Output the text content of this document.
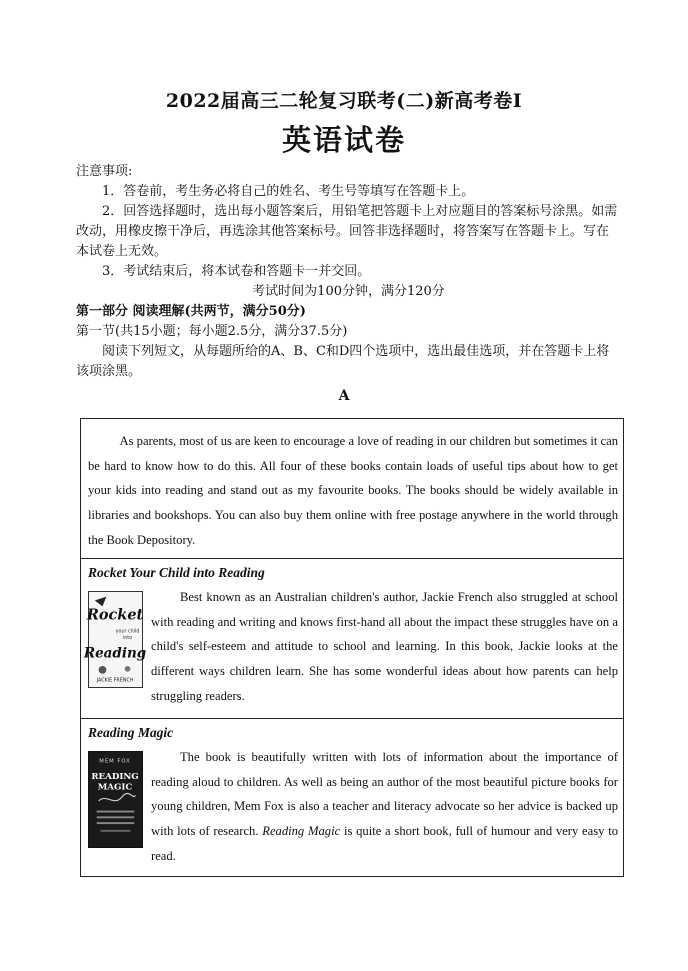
2022届高三二轮复习联考(二)新高考卷Ⅰ
英语试卷

注意事项:

1．答卷前，考生务必将自己的姓名、考生号等填写在答题卡上。

2．回答选择题时，选出每小题答案后，用铅笔把答题卡上对应题目的答案标号涂黑。如需改动，用橡皮擦干净后，再选涂其他答案标号。回答非选择题时，将答案写在答题卡上。写在本试卷上无效。

3．考试结束后，将本试卷和答题卡一并交回。

考试时间为100分钟，满分120分

第一部分 阅读理解(共两节，满分50分)

第一节(共15小题；每小题2.5分，满分37.5分)

阅读下列短文，从每题所给的A、B、C和D四个选项中，选出最佳选项，并在答题卡上将该项涂黑。

A

As parents, most of us are keen to encourage a love of reading in our children but sometimes it can be hard to know how to do this. All four of these books contain loads of useful tips about how to get your kids into reading and stand out as my favourite books. The books should be widely available in libraries and bookshops. You can also buy them online with free postage anywhere in the world through the Book Depository.

Rocket Your Child into Reading
Rocket
your child
into
Reading
JACKIE FRENCH

Best known as an Australian children's author, Jackie French also struggled at school with reading and writing and knows first-hand all about the impact these struggles have on a child's self-esteem and attitude to school and learning. In this book, Jackie looks at the different ways children learn. She has some wonderful ideas about how parents can help struggling readers.

Reading Magic
MEM FOX
READING
MAGIC

The book is beautifully written with lots of information about the importance of reading aloud to children. As well as being an author of the most beautiful picture books for young children, Mem Fox is also a teacher and literacy advocate so her advice is backed up with lots of research. Reading Magic is quite a short book, full of humour and very easy to read.
